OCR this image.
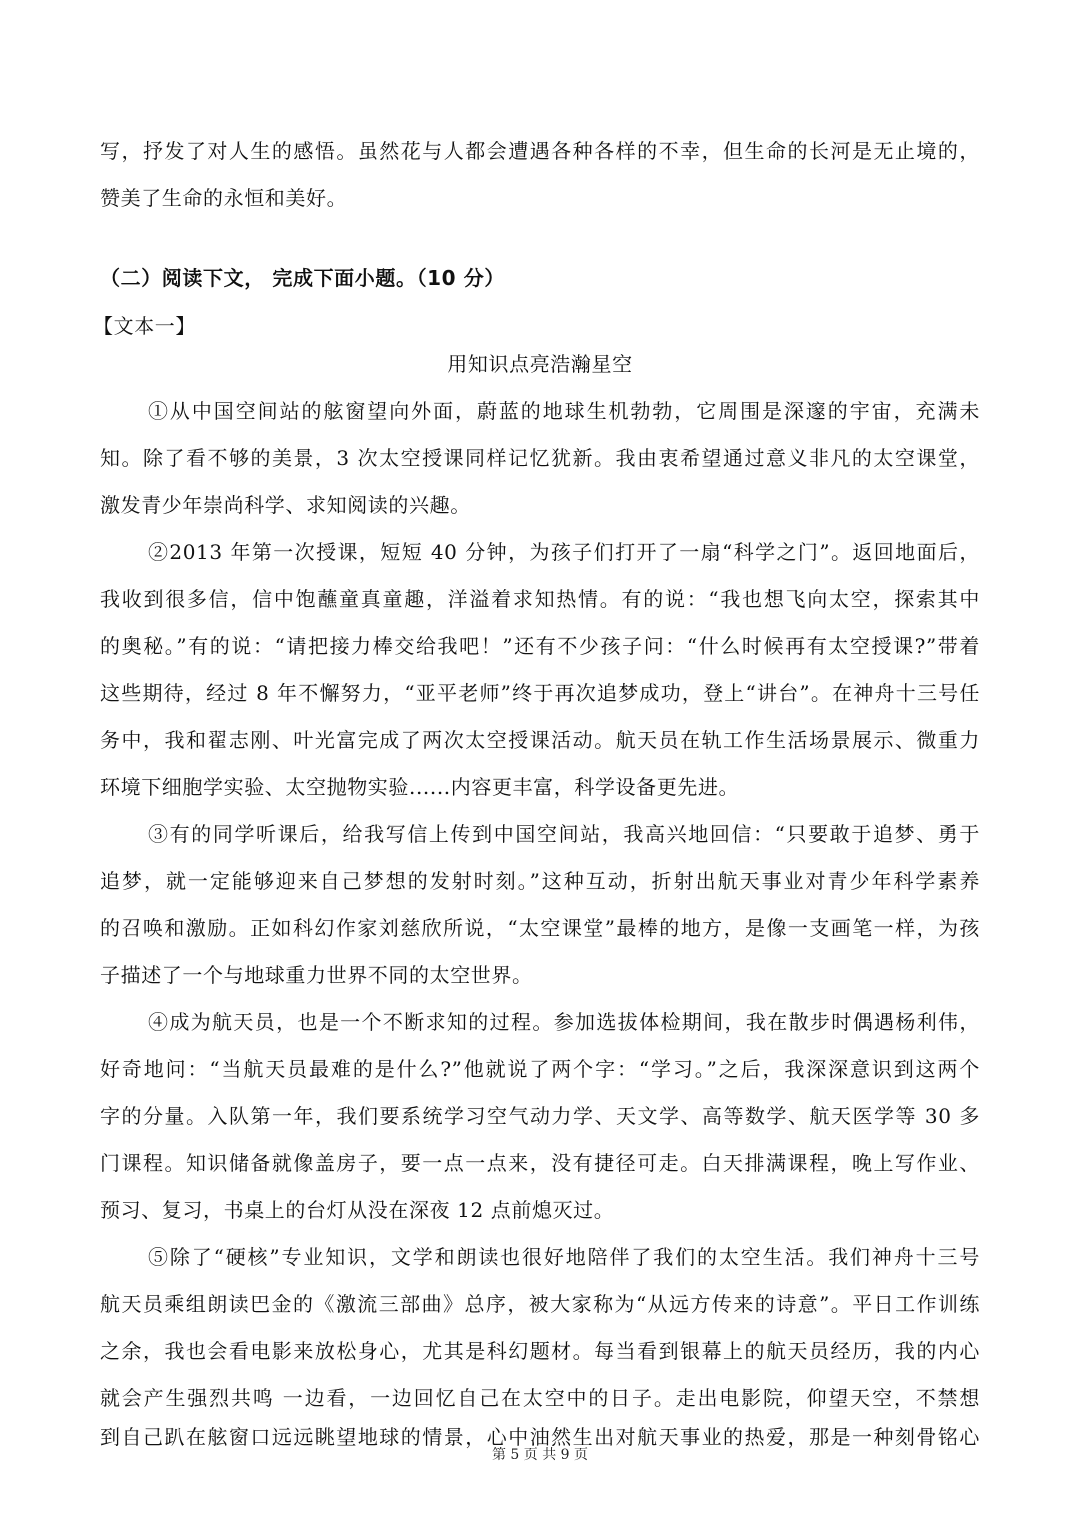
写，抒发了对人生的感悟。虽然花与人都会遭遇各种各样的不幸，但生命的长河是无止境的，
赞美了生命的永恒和美好。
（二）阅读下文， 完成下面小题。（10 分）
【文本一】
用知识点亮浩瀚星空
①从中国空间站的舷窗望向外面，蔚蓝的地球生机勃勃，它周围是深邃的宇宙，充满未
知。除了看不够的美景，3 次太空授课同样记忆犹新。我由衷希望通过意义非凡的太空课堂，
激发青少年崇尚科学、求知阅读的兴趣。
②2013 年第一次授课，短短 40 分钟，为孩子们打开了一扇“科学之门”。返回地面后，
我收到很多信，信中饱蘸童真童趣，洋溢着求知热情。有的说：“我也想飞向太空，探索其中
的奥秘。”有的说：“请把接力棒交给我吧！”还有不少孩子问：“什么时候再有太空授课?”带着
这些期待，经过 8 年不懈努力，“亚平老师”终于再次追梦成功，登上“讲台”。在神舟十三号任
务中，我和翟志刚、叶光富完成了两次太空授课活动。航天员在轨工作生活场景展示、微重力
环境下细胞学实验、太空抛物实验......内容更丰富，科学设备更先进。
③有的同学听课后，给我写信上传到中国空间站，我高兴地回信：“只要敢于追梦、勇于
追梦，就一定能够迎来自己梦想的发射时刻。”这种互动，折射出航天事业对青少年科学素养
的召唤和激励。正如科幻作家刘慈欣所说，“太空课堂”最棒的地方，是像一支画笔一样，为孩
子描述了一个与地球重力世界不同的太空世界。
④成为航天员，也是一个不断求知的过程。参加选拔体检期间，我在散步时偶遇杨利伟，
好奇地问：“当航天员最难的是什么?”他就说了两个字：“学习。”之后，我深深意识到这两个
字的分量。入队第一年，我们要系统学习空气动力学、天文学、高等数学、航天医学等 30 多
门课程。知识储备就像盖房子，要一点一点来，没有捷径可走。白天排满课程，晚上写作业、
预习、复习，书桌上的台灯从没在深夜 12 点前熄灭过。
⑤除了“硬核”专业知识，文学和朗读也很好地陪伴了我们的太空生活。我们神舟十三号
航天员乘组朗读巴金的《激流三部曲》总序，被大家称为“从远方传来的诗意”。平日工作训练
之余，我也会看电影来放松身心，尤其是科幻题材。每当看到银幕上的航天员经历，我的内心
就会产生强烈共鸣 一边看，一边回忆自己在太空中的日子。走出电影院，仰望天空，不禁想
第 5 页 共 9 页
到自己趴在舷窗口远远眺望地球的情景，心中油然生出对航天事业的热爱，那是一种刻骨铭心
